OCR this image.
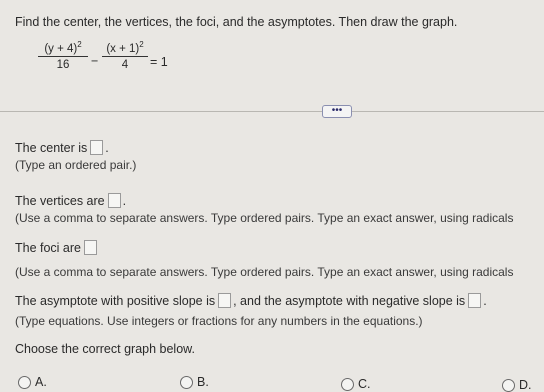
Find the center, the vertices, the foci, and the asymptotes. Then draw the graph.
$(y + 4)^2$
16	−
$(x + 1)^2$
4	= 1
•••
The center is .
(Type an ordered pair.)
The vertices are .
(Use a comma to separate answers. Type ordered pairs. Type an exact answer, using radicals
The foci are
(Use a comma to separate answers. Type ordered pairs. Type an exact answer, using radicals
The asymptote with positive slope is , and the asymptote with negative slope is .
(Type equations. Use integers or fractions for any numbers in the equations.)
Choose the correct graph below.
A.	B.	C.	D.
